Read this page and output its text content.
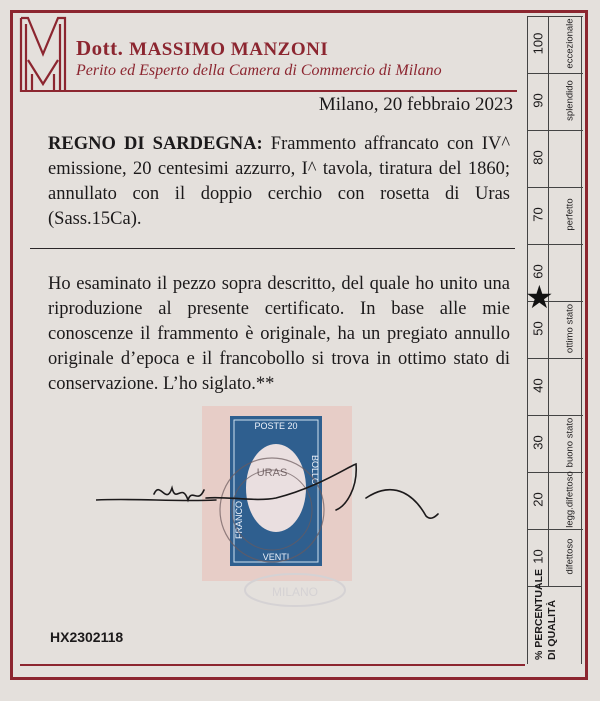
Dott. MASSIMO MANZONI
Perito ed Esperto della Camera di Commercio di Milano
Milano, 20 febbraio 2023
REGNO DI SARDEGNA: Frammento affrancato con IV^ emissione, 20 centesimi azzurro, I^ tavola, tiratura del 1860; annullato con il doppio cerchio con rosetta di Uras (Sass.15Ca).
Ho esaminato il pezzo sopra descritto, del quale ho unito una riproduzione al presente certificato. In base alle mie conoscenze il frammento è originale, ha un pregiato annullo originale d’epoca e il francobollo si trova in ottimo stato di conservazione. L’ho siglato.**
POSTE 20
VENTI
FRANCO
BOLLO
URAS
MILANO
100 eccezionale
90 splendido
80
70 perfetto
60
50 ottimo stato
40
30 buono stato
20 legg.difettoso
10 difettoso
% PERCENTUALE DI QUALITÀ
★
HX2302118
